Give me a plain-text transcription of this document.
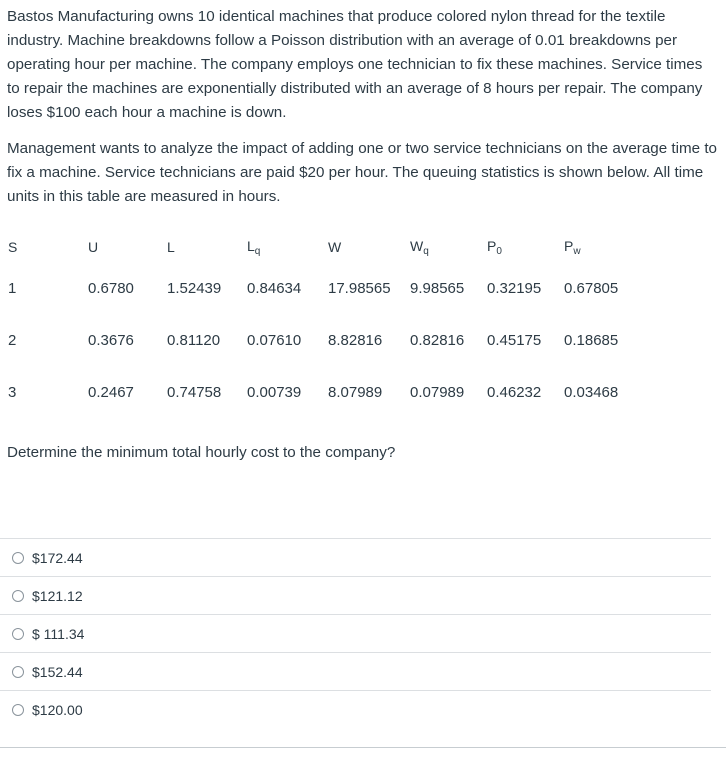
Bastos Manufacturing owns 10 identical machines that produce colored nylon thread for the textile industry. Machine breakdowns follow a Poisson distribution with an average of 0.01 breakdowns per operating hour per machine. The company employs one technician to fix these machines. Service times to repair the machines are exponentially distributed with an average of 8 hours per repair. The company loses $100 each hour a machine is down.

Management wants to analyze the impact of adding one or two service technicians on the average time to fix a machine. Service technicians are paid $20 per hour. The queuing statistics is shown below. All time units in this table are measured in hours.

S	U	L	$L_q$	W	$W_q$	$P_0$	$P_w$
1	0.6780	1.52439	0.84634	17.98565	9.98565	0.32195	0.67805
2	0.3676	0.81120	0.07610	8.82816	0.82816	0.45175	0.18685
3	0.2467	0.74758	0.00739	8.07989	0.07989	0.46232	0.03468

Determine the minimum total hourly cost to the company?

$172.44
$121.12
$ 111.34
$152.44
$120.00
